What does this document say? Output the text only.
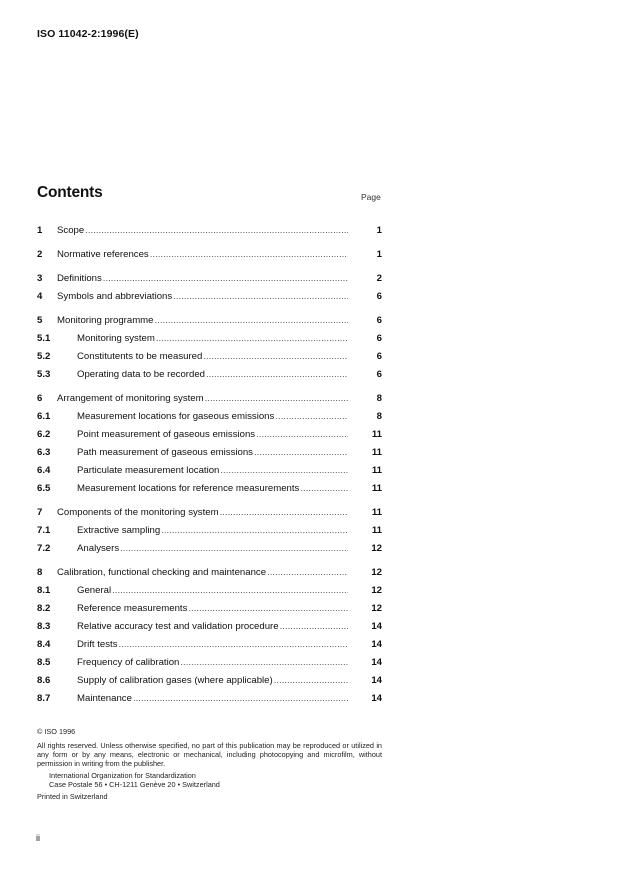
ISO 11042-2:1996(E)
Contents	Page
1	Scope .....	1
2	Normative references .....	1
3	Definitions .....	2
4	Symbols and abbreviations .....	6
5	Monitoring programme .....	6
5.1	Monitoring system .....	6
5.2	Constitutents to be measured .....	6
5.3	Operating data to be recorded .....	6
6	Arrangement of monitoring system .....	8
6.1	Measurement locations for gaseous emissions .....	8
6.2	Point measurement of gaseous emissions .....	11
6.3	Path measurement of gaseous emissions .....	11
6.4	Particulate measurement location .....	11
6.5	Measurement locations for reference measurements .....	11
7	Components of the monitoring system .....	11
7.1	Extractive sampling .....	11
7.2	Analysers .....	12
8	Calibration, functional checking and maintenance .....	12
8.1	General .....	12
8.2	Reference measurements .....	12
8.3	Relative accuracy test and validation procedure .....	14
8.4	Drift tests .....	14
8.5	Frequency of calibration .....	14
8.6	Supply of calibration gases (where applicable) .....	14
8.7	Maintenance .....	14
© ISO 1996
All rights reserved. Unless otherwise specified, no part of this publication may be reproduced or utilized in any form or by any means, electronic or mechanical, including photocopying and microfilm, without permission in writing from the publisher.
International Organization for Standardization
Case Postale 56 • CH-1211 Genève 20 • Switzerland
Printed in Switzerland
ii
